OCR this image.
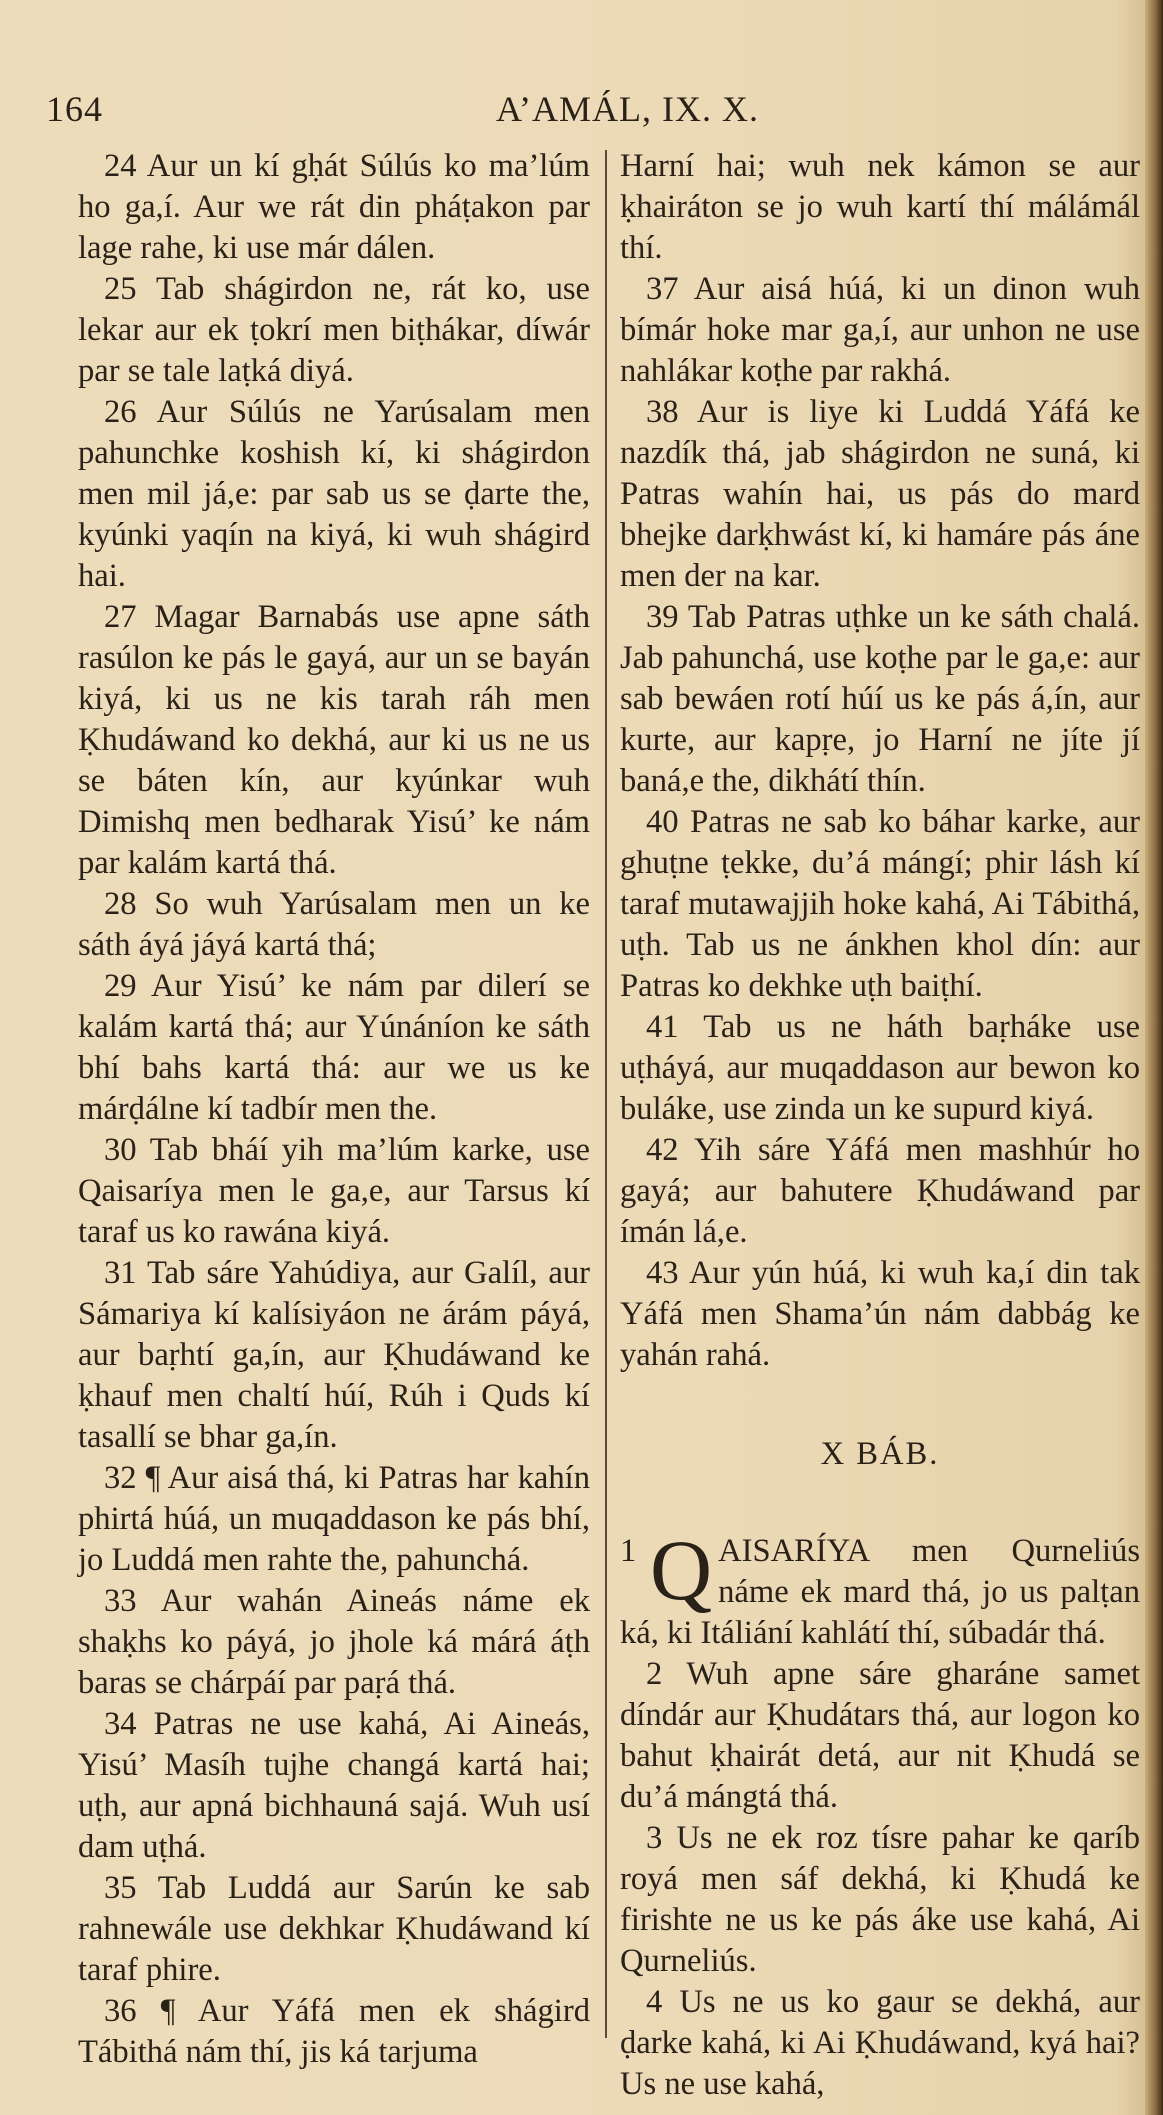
164	A’AMÁL, IX. X.

24 Aur un kí gḥát Súlús ko ma’lúm ho ga,í. Aur we rát din pháṭakon par lage rahe, ki use már dálen.

25 Tab shágirdon ne, rát ko, use lekar aur ek ṭokrí men biṭhákar, díwár par se tale laṭká diyá.

26 Aur Súlús ne Yarúsalam men pahunchke koshish kí, ki shágirdon men mil já,e: par sab us se ḍarte the, kyúnki yaqín na kiyá, ki wuh shágird hai.

27 Magar Barnabás use apne sáth rasúlon ke pás le gayá, aur un se bayán kiyá, ki us ne kis tarah ráh men Ḳhudáwand ko dekhá, aur ki us ne us se báten kín, aur kyúnkar wuh Dimishq men bedharak Yisú’ ke nám par kalám kartá thá.

28 So wuh Yarúsalam men un ke sáth áyá jáyá kartá thá;

29 Aur Yisú’ ke nám par dilerí se kalám kartá thá; aur Yúnáníon ke sáth bhí bahs kartá thá: aur we us ke márḍálne kí tadbír men the.

30 Tab bháí yih ma’lúm karke, use Qaisaríya men le ga,e, aur Tarsus kí taraf us ko rawána kiyá.

31 Tab sáre Yahúdiya, aur Galíl, aur Sámariya kí kalísiyáon ne árám páyá, aur baṛhtí ga,ín, aur Ḳhudáwand ke ḳhauf men chaltí húí, Rúh i Quds kí tasallí se bhar ga,ín.

32 ¶ Aur aisá thá, ki Patras har kahín phirtá húá, un muqaddason ke pás bhí, jo Luddá men rahte the, pahunchá.

33 Aur wahán Aineás náme ek shaḳhs ko páyá, jo jhole ká márá áṭh baras se chárpáí par paṛá thá.

34 Patras ne use kahá, Ai Aineás, Yisú’ Masíh tujhe changá kartá hai; uṭh, aur apná bichhauná sajá. Wuh usí dam uṭhá.

35 Tab Luddá aur Sarún ke sab rahnewále use dekhkar Ḳhudáwand kí taraf phire.

36 ¶ Aur Yáfá men ek shágird Tábithá nám thí, jis ká tarjuma

Harní hai; wuh nek kámon se aur ḳhairáton se jo wuh kartí thí málámál thí.

37 Aur aisá húá, ki un dinon wuh bímár hoke mar ga,í, aur unhon ne use nahlákar koṭhe par rakhá.

38 Aur is liye ki Luddá Yáfá ke nazdík thá, jab shágirdon ne suná, ki Patras wahín hai, us pás do mard bhejke darḳhwást kí, ki hamáre pás áne men der na kar.

39 Tab Patras uṭhke un ke sáth chalá. Jab pahunchá, use koṭhe par le ga,e: aur sab bewáen rotí húí us ke pás á,ín, aur kurte, aur kapṛe, jo Harní ne jíte jí baná,e the, dikhátí thín.

40 Patras ne sab ko báhar karke, aur ghuṭne ṭekke, du’á mángí; phir lásh kí taraf mutawajjih hoke kahá, Ai Tábithá, uṭh. Tab us ne ánkhen khol dín: aur Patras ko dekhke uṭh baiṭhí.

41 Tab us ne háth baṛháke use uṭháyá, aur muqaddason aur bewon ko bulákе, use zinda un ke supurd kiyá.

42 Yih sáre Yáfá men mashhúr ho gayá; aur bahutere Ḳhudáwand par ímán lá,e.

43 Aur yún húá, ki wuh ka,í din tak Yáfá men Shama’ún nám dabbág ke yahán rahá.

X BÁB.

1 Q AISARÍYA men Qurneliús náme ek mard thá, jo us palṭan ká, ki Itáliání kahlátí thí, súbadár thá.

2 Wuh apne sáre gharáne samet díndár aur Ḳhudátars thá, aur logon ko bahut ḳhairát detá, aur nit Ḳhudá se du’á mángtá thá.

3 Us ne ek roz tísre pahar ke qaríb royá men sáf dekhá, ki Ḳhudá ke firishte ne us ke pás áke use kahá, Ai Qurneliús.

4 Us ne us ko gaur se dekhá, aur ḍarke kahá, ki Ai Ḳhudáwand, kyá hai? Us ne use kahá,
